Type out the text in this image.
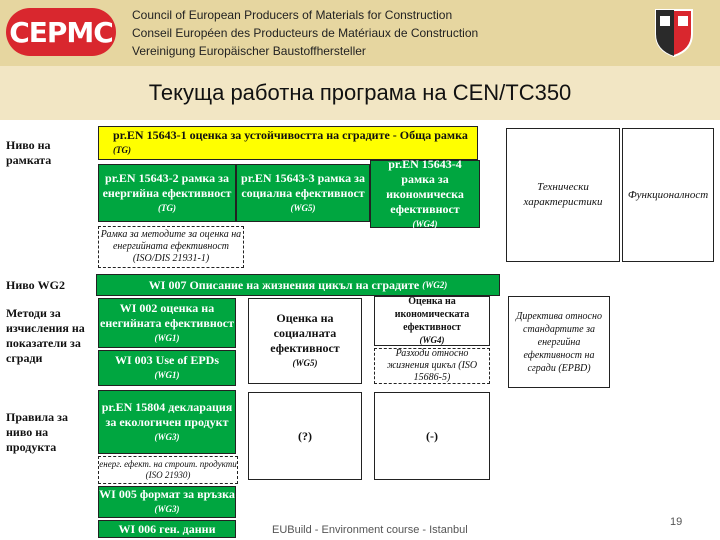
CEPMC
Council of European Producers of Materials for Construction
Conseil Européen des Producteurs de Matériaux de Construction
Vereinigung Europäischer Baustoffhersteller
Текуща работна програма на CEN/TC350
Ниво на рамката
Ниво WG2
Методи за изчисления на показатели за сгради
Правила за ниво на продукта
pr.EN 15643-1 оценка за устойчивостта на сградите - Обща рамка
(TG)
pr.EN 15643-2 рамка за енергийна ефективност
(TG)
pr.EN 15643-3 рамка за социална ефективност
(WG5)
pr.EN 15643-4 рамка за икономическа ефективност
(WG4)
Технически характеристики
Функционалност
Рамка за методите за оценка на енергийната ефективност (ISO/DIS 21931-1)
WI 007 Описание на жизнения цикъл на сградите
(WG2)
WI 002 оценка на енегийната ефективност
(WG1)
WI 003 Use of EPDs
(WG1)
Оценка на социалната ефективност
(WG5)
Оценка на икономическата ефективност
(WG4)
Разходи относно жизнения цикъл (ISO 15686-5)
Директива относно стандартите за енергийна ефективност на сгради (EPBD)
pr.EN 15804 декларация за екологичен продукт
(WG3)	(?)	(-)
енерг. ефект. на строит. продукти (ISO 21930)
WI 005 формат за връзка
(WG3)
WI 006 ген. данни	EUBuild - Environment course - Istanbul
19
